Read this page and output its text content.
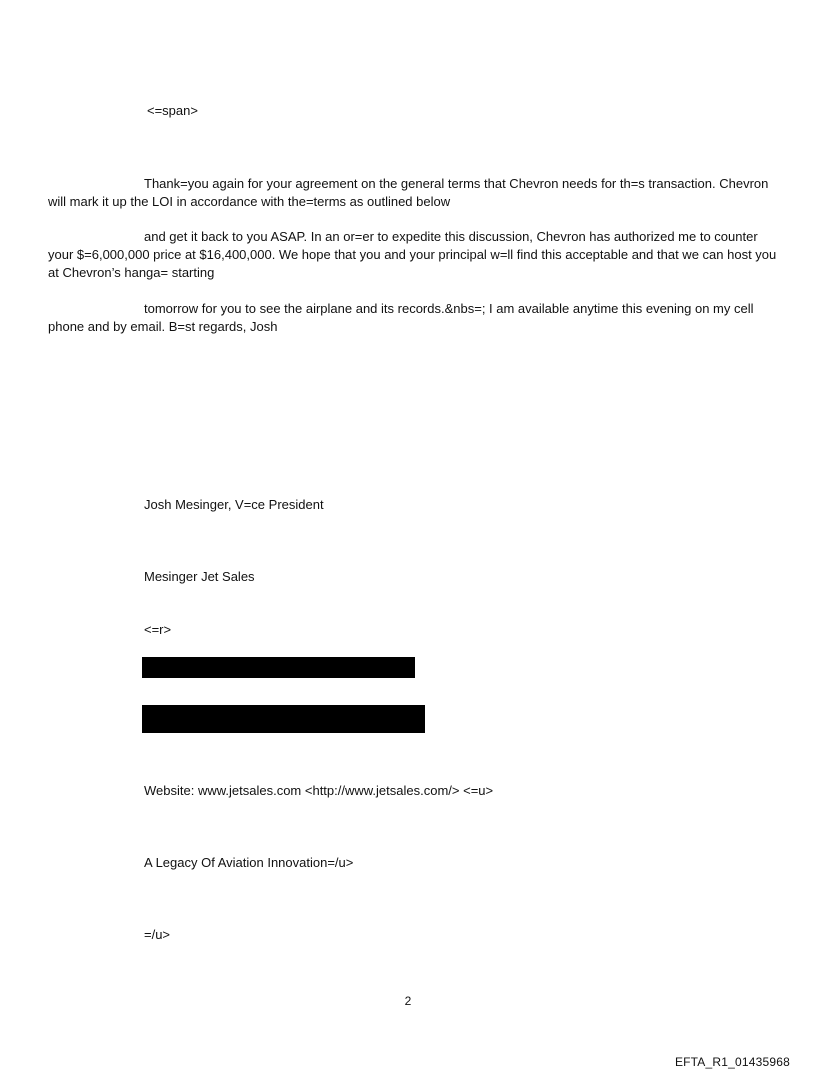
<=span>
Thank=you again for your agreement on the general terms that Chevron needs for th=s transaction. Chevron will mark it up the LOI in accordance with the=terms as outlined below
and get it back to you ASAP. In an or=er to expedite this discussion, Chevron has authorized me to counter your $=6,000,000 price at $16,400,000. We hope that you and your principal w=ll find this acceptable and that we can host you at Chevron’s hanga= starting
tomorrow for you to see the airplane and its records.&nbs=; I am available anytime this evening on my cell phone and by email. B=st regards, Josh
Josh Mesinger, V=ce President
Mesinger Jet Sales
<=r>
Website: www.jetsales.com <http://www.jetsales.com/> <=u>
A Legacy Of Aviation Innovation=/u>
=/u>
2
EFTA_R1_01435968
